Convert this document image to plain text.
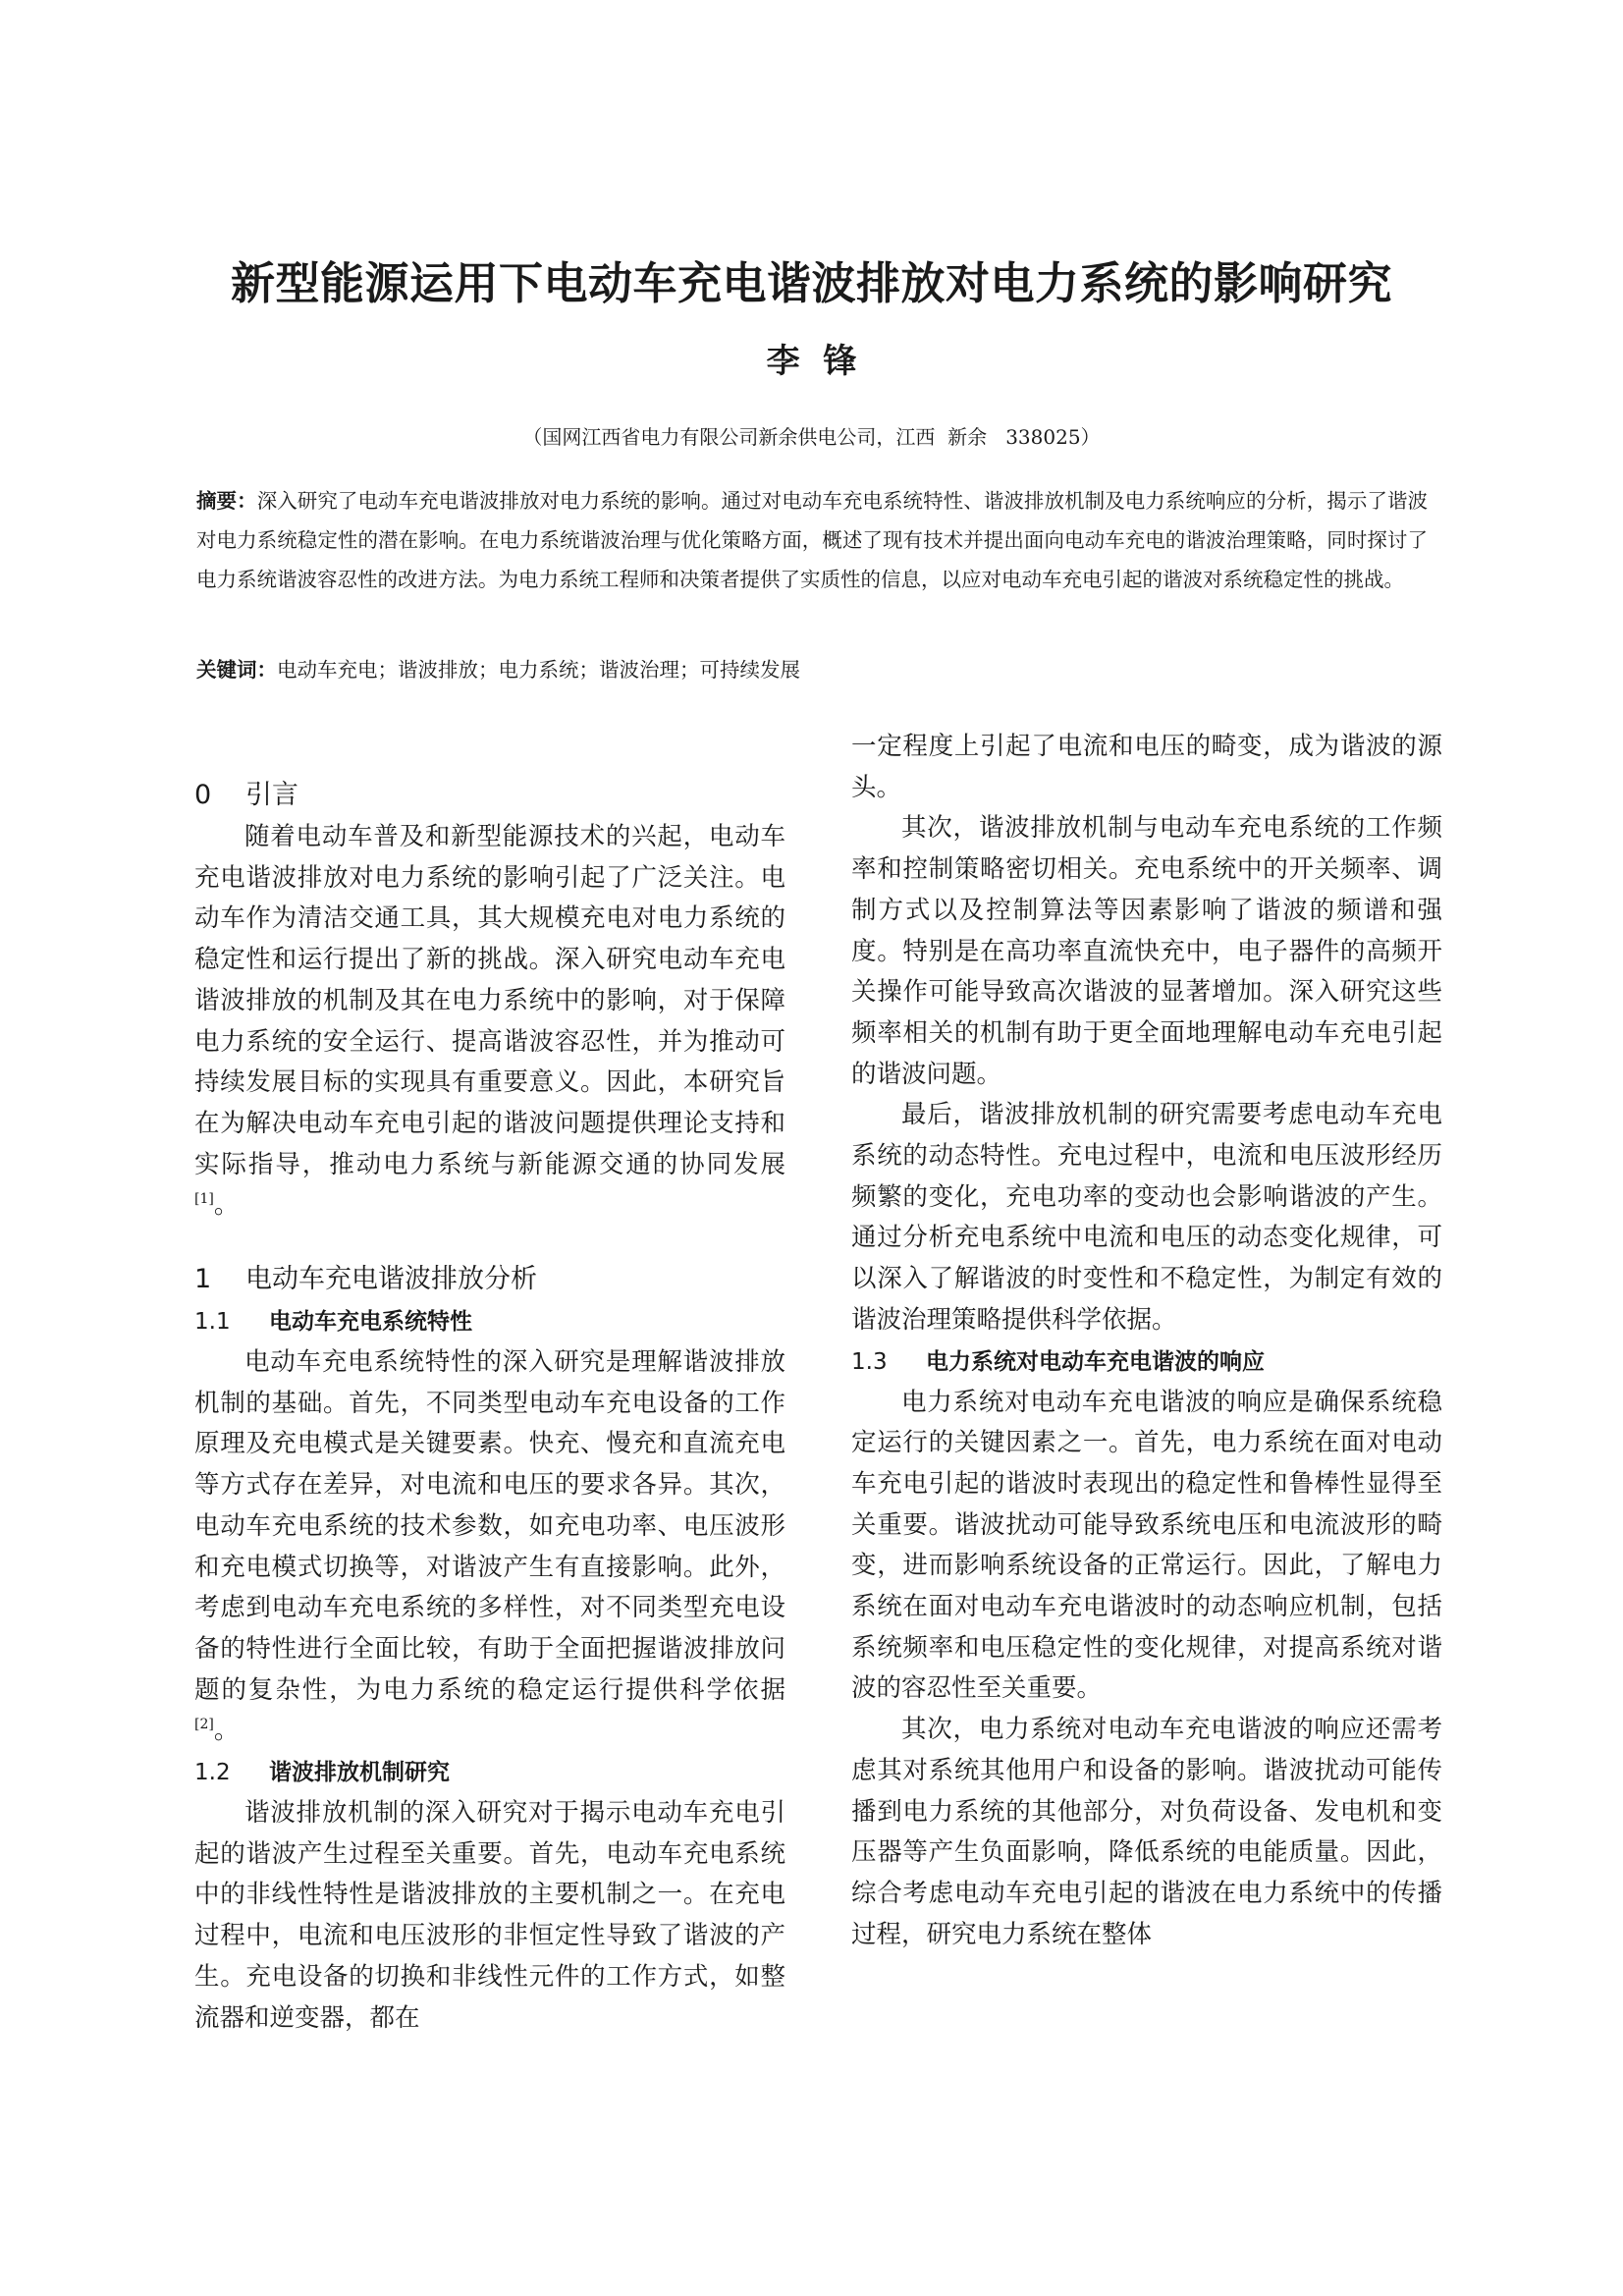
新型能源运用下电动车充电谐波排放对电力系统的影响研究
李  锋
（国网江西省电力有限公司新余供电公司，江西  新余   338025）
摘要：深入研究了电动车充电谐波排放对电力系统的影响。通过对电动车充电系统特性、谐波排放机制及电力系统响应的分析，揭示了谐波对电力系统稳定性的潜在影响。在电力系统谐波治理与优化策略方面，概述了现有技术并提出面向电动车充电的谐波治理策略，同时探讨了电力系统谐波容忍性的改进方法。为电力系统工程师和决策者提供了实质性的信息，以应对电动车充电引起的谐波对系统稳定性的挑战。
关键词：电动车充电；谐波排放；电力系统；谐波治理；可持续发展
0 引言

随着电动车普及和新型能源技术的兴起，电动车充电谐波排放对电力系统的影响引起了广泛关注。电动车作为清洁交通工具，其大规模充电对电力系统的稳定性和运行提出了新的挑战。深入研究电动车充电谐波排放的机制及其在电力系统中的影响，对于保障电力系统的安全运行、提高谐波容忍性，并为推动可持续发展目标的实现具有重要意义。因此，本研究旨在为解决电动车充电引起的谐波问题提供理论支持和实际指导，推动电力系统与新能源交通的协同发展[1]。

1 电动车充电谐波排放分析
1.1 电动车充电系统特性

电动车充电系统特性的深入研究是理解谐波排放机制的基础。首先，不同类型电动车充电设备的工作原理及充电模式是关键要素。快充、慢充和直流充电等方式存在差异，对电流和电压的要求各异。其次，电动车充电系统的技术参数，如充电功率、电压波形和充电模式切换等，对谐波产生有直接影响。此外，考虑到电动车充电系统的多样性，对不同类型充电设备的特性进行全面比较，有助于全面把握谐波排放问题的复杂性，为电力系统的稳定运行提供科学依据[2]。

1.2 谐波排放机制研究

谐波排放机制的深入研究对于揭示电动车充电引起的谐波产生过程至关重要。首先，电动车充电系统中的非线性特性是谐波排放的主要机制之一。在充电过程中，电流和电压波形的非恒定性导致了谐波的产生。充电设备的切换和非线性元件的工作方式，如整流器和逆变器，都在

一定程度上引起了电流和电压的畸变，成为谐波的源头。

其次，谐波排放机制与电动车充电系统的工作频率和控制策略密切相关。充电系统中的开关频率、调制方式以及控制算法等因素影响了谐波的频谱和强度。特别是在高功率直流快充中，电子器件的高频开关操作可能导致高次谐波的显著增加。深入研究这些频率相关的机制有助于更全面地理解电动车充电引起的谐波问题。

最后，谐波排放机制的研究需要考虑电动车充电系统的动态特性。充电过程中，电流和电压波形经历频繁的变化，充电功率的变动也会影响谐波的产生。通过分析充电系统中电流和电压的动态变化规律，可以深入了解谐波的时变性和不稳定性，为制定有效的谐波治理策略提供科学依据。

1.3 电力系统对电动车充电谐波的响应

电力系统对电动车充电谐波的响应是确保系统稳定运行的关键因素之一。首先，电力系统在面对电动车充电引起的谐波时表现出的稳定性和鲁棒性显得至关重要。谐波扰动可能导致系统电压和电流波形的畸变，进而影响系统设备的正常运行。因此，了解电力系统在面对电动车充电谐波时的动态响应机制，包括系统频率和电压稳定性的变化规律，对提高系统对谐波的容忍性至关重要。

其次，电力系统对电动车充电谐波的响应还需考虑其对系统其他用户和设备的影响。谐波扰动可能传播到电力系统的其他部分，对负荷设备、发电机和变压器等产生负面影响，降低系统的电能质量。因此，综合考虑电动车充电引起的谐波在电力系统中的传播过程，研究电力系统在整体
